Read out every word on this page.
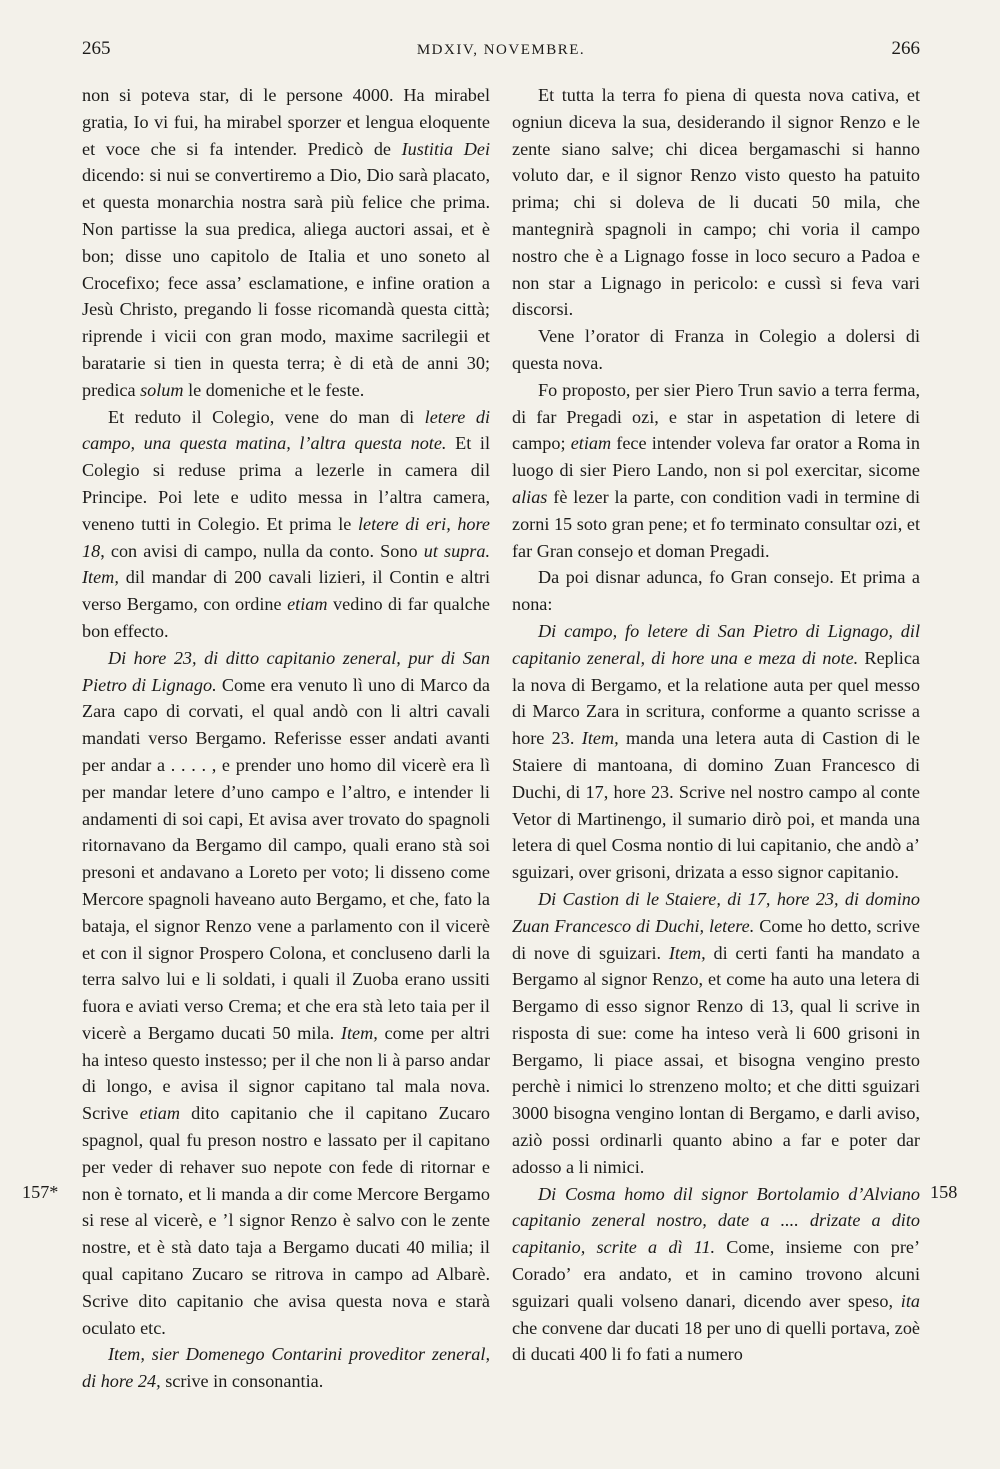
265	MDXIV, NOVEMBRE.	266

non si poteva star, di le persone 4000. Ha mirabel gratia, Io vi fui, ha mirabel sporzer et lengua eloquente et voce che si fa intender. Predicò de Iustitia Dei dicendo: si nui se convertiremo a Dio, Dio sarà placato, et questa monarchia nostra sarà più felice che prima. Non partisse la sua predica, aliega auctori assai, et è bon; disse uno capitolo de Italia et uno soneto al Crocefixo; fece assa’ esclamatione, e infine oration a Jesù Christo, pregando li fosse ricomandà questa città; riprende i vicii con gran modo, maxime sacrilegii et baratarie si tien in questa terra; è di età de anni 30; predica solum le domeniche et le feste.

Et reduto il Colegio, vene do man di letere di campo, una questa matina, l’altra questa note. Et il Colegio si reduse prima a lezerle in camera dil Principe. Poi lete e udito messa in l’altra camera, veneno tutti in Colegio. Et prima le letere di eri, hore 18, con avisi di campo, nulla da conto. Sono ut supra. Item, dil mandar di 200 cavali lizieri, il Contin e altri verso Bergamo, con ordine etiam vedino di far qualche bon effecto.

Di hore 23, di ditto capitanio zeneral, pur di San Pietro di Lignago. Come era venuto lì uno di Marco da Zara capo di corvati, el qual andò con li altri cavali mandati verso Bergamo. Referisse esser andati avanti per andar a . . . . , e prender uno homo dil vicerè era lì per mandar letere d’uno campo e l’altro, e intender li andamenti di soi capi, Et avisa aver trovato do spagnoli ritornavano da Bergamo dil campo, quali erano stà soi presoni et andavano a Loreto per voto; li disseno come Mercore spagnoli haveano auto Bergamo, et che, fato la bataja, el signor Renzo vene a parlamento con il vicerè et con il signor Prospero Colona, et concluseno darli la terra salvo lui e li soldati, i quali il Zuoba erano ussiti fuora e aviati verso Crema; et che era stà leto taia per il vicerè a Bergamo ducati 50 mila. Item, come per altri ha inteso questo instesso; per il che non li à parso andar di longo, e avisa il signor capitano tal mala nova. Scrive etiam dito capitanio che il capitano Zucaro spagnol, qual fu preson nostro e lassato per il capitano per veder di rehaver suo nepote con fede di ritornar e non è tornato, et li manda a dir come Mercore Bergamo si rese al vicerè, e ’l signor Renzo è salvo con le zente nostre, et è stà dato taja a Bergamo ducati 40 milia; il qual capitano Zucaro se ritrova in campo ad Albarè. Scrive dito capitanio che avisa questa nova e starà oculato etc.

Item, sier Domenego Contarini proveditor zeneral, di hore 24, scrive in consonantia.

Et tutta la terra fo piena di questa nova cativa, et ogniun diceva la sua, desiderando il signor Renzo e le zente siano salve; chi dicea bergamaschi si hanno voluto dar, e il signor Renzo visto questo ha patuito prima; chi si doleva de li ducati 50 mila, che mantegnirà spagnoli in campo; chi voria il campo nostro che è a Lignago fosse in loco securo a Padoa e non star a Lignago in pericolo: e cussì si feva vari discorsi.

Vene l’orator di Franza in Colegio a dolersi di questa nova.

Fo proposto, per sier Piero Trun savio a terra ferma, di far Pregadi ozi, e star in aspetation di letere di campo; etiam fece intender voleva far orator a Roma in luogo di sier Piero Lando, non si pol exercitar, sicome alias fè lezer la parte, con condition vadi in termine di zorni 15 soto gran pene; et fo terminato consultar ozi, et far Gran consejo et doman Pregadi.

Da poi disnar adunca, fo Gran consejo. Et prima a nona:

Di campo, fo letere di San Pietro di Lignago, dil capitanio zeneral, di hore una e meza di note. Replica la nova di Bergamo, et la relatione auta per quel messo di Marco Zara in scritura, conforme a quanto scrisse a hore 23. Item, manda una letera auta di Castion di le Staiere di mantoana, di domino Zuan Francesco di Duchi, di 17, hore 23. Scrive nel nostro campo al conte Vetor di Martinengo, il sumario dirò poi, et manda una letera di quel Cosma nontio di lui capitanio, che andò a’ sguizari, over grisoni, drizata a esso signor capitanio.

Di Castion di le Staiere, di 17, hore 23, di domino Zuan Francesco di Duchi, letere. Come ho detto, scrive di nove di sguizari. Item, di certi fanti ha mandato a Bergamo al signor Renzo, et come ha auto una letera di Bergamo di esso signor Renzo di 13, qual li scrive in risposta di sue: come ha inteso verà li 600 grisoni in Bergamo, li piace assai, et bisogna vengino presto perchè i nimici lo strenzeno molto; et che ditti sguizari 3000 bisogna vengino lontan di Bergamo, e darli aviso, aziò possi ordinarli quanto abino a far e poter dar adosso a li nimici.

Di Cosma homo dil signor Bortolamio d’Alviano capitanio zeneral nostro, date a .... drizate a dito capitanio, scrite a dì 11. Come, insieme con pre’ Corado’ era andato, et in camino trovono alcuni sguizari quali volseno danari, dicendo aver speso, ita che convene dar ducati 18 per uno di quelli portava, zoè di ducati 400 li fo fati a numero

157*	158
